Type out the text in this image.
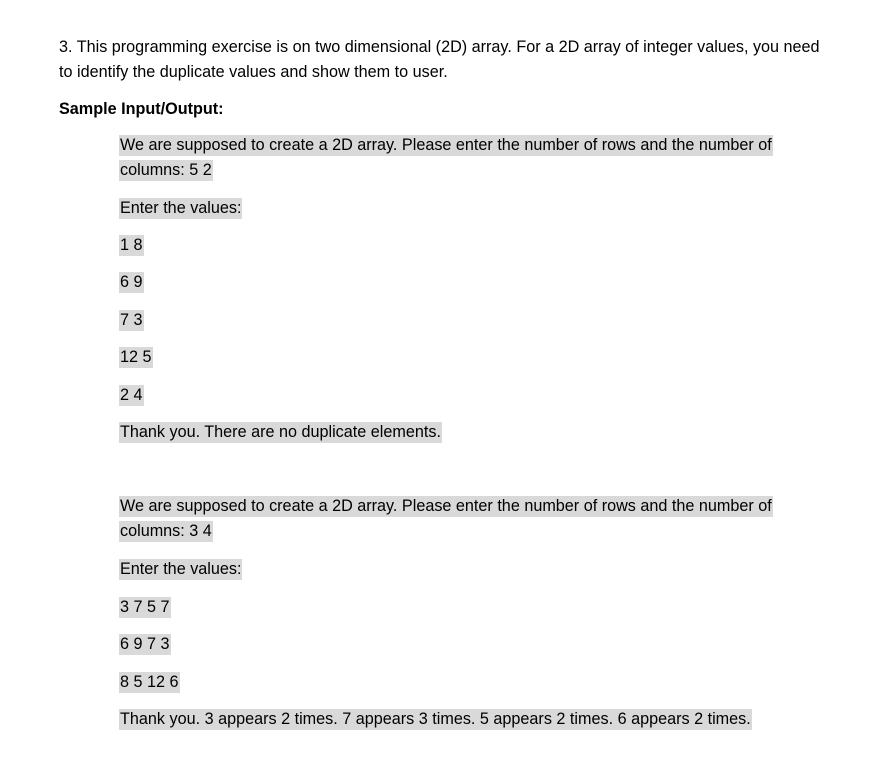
3. This programming exercise is on two dimensional (2D) array. For a 2D array of integer values, you need to identify the duplicate values and show them to user.

Sample Input/Output:

We are supposed to create a 2D array. Please enter the number of rows and the number of columns: 5 2
Enter the values:
1 8
6 9
7 3
12 5
2 4
Thank you. There are no duplicate elements.
We are supposed to create a 2D array. Please enter the number of rows and the number of columns: 3 4
Enter the values:
3 7 5 7
6 9 7 3
8 5 12 6
Thank you. 3 appears 2 times. 7 appears 3 times. 5 appears 2 times. 6 appears 2 times.
